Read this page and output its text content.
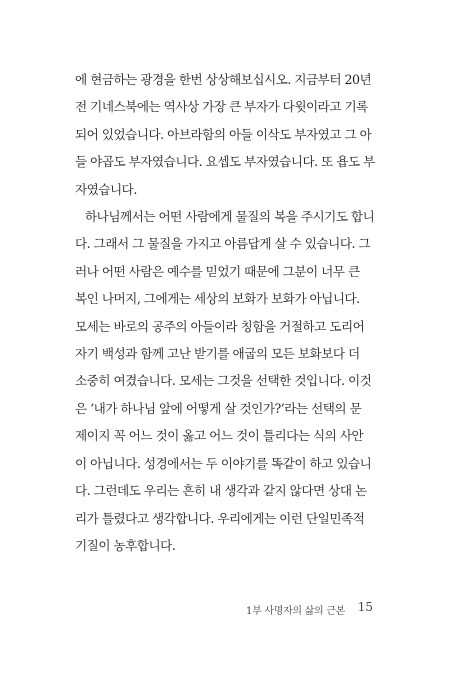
에 현금하는 광경을 한번 상상해보십시오. 지금부터 20년
전 기네스북에는 역사상 가장 큰 부자가 다윗이라고 기록
되어 있었습니다. 아브라함의 아들 이삭도 부자였고 그 아
들 야곱도 부자였습니다. 요셉도 부자였습니다. 또 욥도 부
자였습니다.

하나님께서는 어떤 사람에게 물질의 복을 주시기도 합니
다. 그래서 그 물질을 가지고 아름답게 살 수 있습니다. 그
러나 어떤 사람은 예수를 믿었기 때문에 그분이 너무 큰
복인 나머지, 그에게는 세상의 보화가 보화가 아닙니다.
모세는 바로의 공주의 아들이라 칭함을 거절하고 도리어
자기 백성과 함께 고난 받기를 애굽의 모든 보화보다 더
소중히 여겼습니다. 모세는 그것을 선택한 것입니다. 이것
은 ‘내가 하나님 앞에 어떻게 살 것인가?’라는 선택의 문
제이지 꼭 어느 것이 옳고 어느 것이 틀리다는 식의 사안
이 아닙니다. 성경에서는 두 이야기를 똑같이 하고 있습니
다. 그런데도 우리는 흔히 내 생각과 같지 않다면 상대 논
리가 틀렸다고 생각합니다. 우리에게는 이런 단일민족적
기질이 농후합니다.

1부 사명자의 삶의 근본 15
